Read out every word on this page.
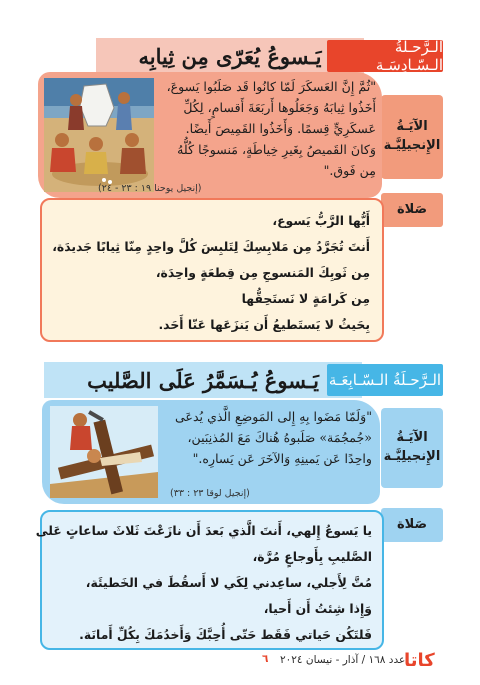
يَـسوعُ يُعَرّى مِن ثِيابِه	الـرَّحـلَةُ الـسّـادِسَـة
الآيَـةُ الإِنجيلِيَّـة
"ثُمَّ إِنَّ العَسكَرَ لَمّا كانُوا قَد صَلَبُوا يَسوعَ،
أَخَذُوا ثِيابَهُ وَجَعَلُوها أَربَعَةَ أَقسامٍ، لِكُلِّ
عَسكَرِيٍّ قِسمًا. وَأَخَذُوا القَمِيصَ أَيضًا.
وَكانَ القَميصُ بِغَيرِ خِياطَةٍ، مَنسوجًا كُلُّهُ
مِن فَوق."
(إنجيل يوحنا ١٩ : ٢٣ - ٢٤)
صَلاة
أَيُّها الرَّبُّ يَسوع،
أَنتَ تُجَرَّدُ مِن مَلابِسِكَ لِتَلبِسَ كُلَّ واحِدٍ مِنّا ثِيابًا جَديدَة،
مِن ثَوبِكَ المَنسوجِ مِن قِطعَةٍ واحِدَة،
مِن كَرامَةٍ لا نَستَحِقُّها
بِحَيثُ لا يَستَطيعُ أَن يَنزَعَها عَنّا أَحَد.
يَـسوعُ يُـسَمَّرُ عَلَى الصَّليب الـرَّحـلَةُ الـسّـابِعَـة
الآيَـةُ الإِنجيلِيَّـة
"وَلَمّا مَضَوا بِهِ إِلى المَوضِعِ الَّذي يُدعَى
«جُمجُمَة» صَلَبوهُ هُناكَ مَعَ المُذنِبَين،
واحِدًا عَن يَمينِهِ وَالآخَرَ عَن يَسارِه."
(إنجيل لوقا ٢٣ : ٣٣)
صَلاة
يا يَسوعُ إِلهي، أَنتَ الَّذي بَعدَ أَن نازَعْتَ ثَلاثَ ساعاتٍ عَلى
الصَّليبِ بِأَوجاعٍ مُرَّة،
مُتَّ لِأَجلي، ساعِدني لِكَي لا أَسقُطَ في الخَطيئَة،
وَإِذا شِئتُ أَن أَحيا،
فَلتَكُن حَياتي فَقَط حَتّى أُحِبَّكَ وَأَخدُمَكَ بِكُلِّ أَمانَة.
كاتا
عدد ١٦٨ / آذار - نيسان ٢٠٢٤
٦
